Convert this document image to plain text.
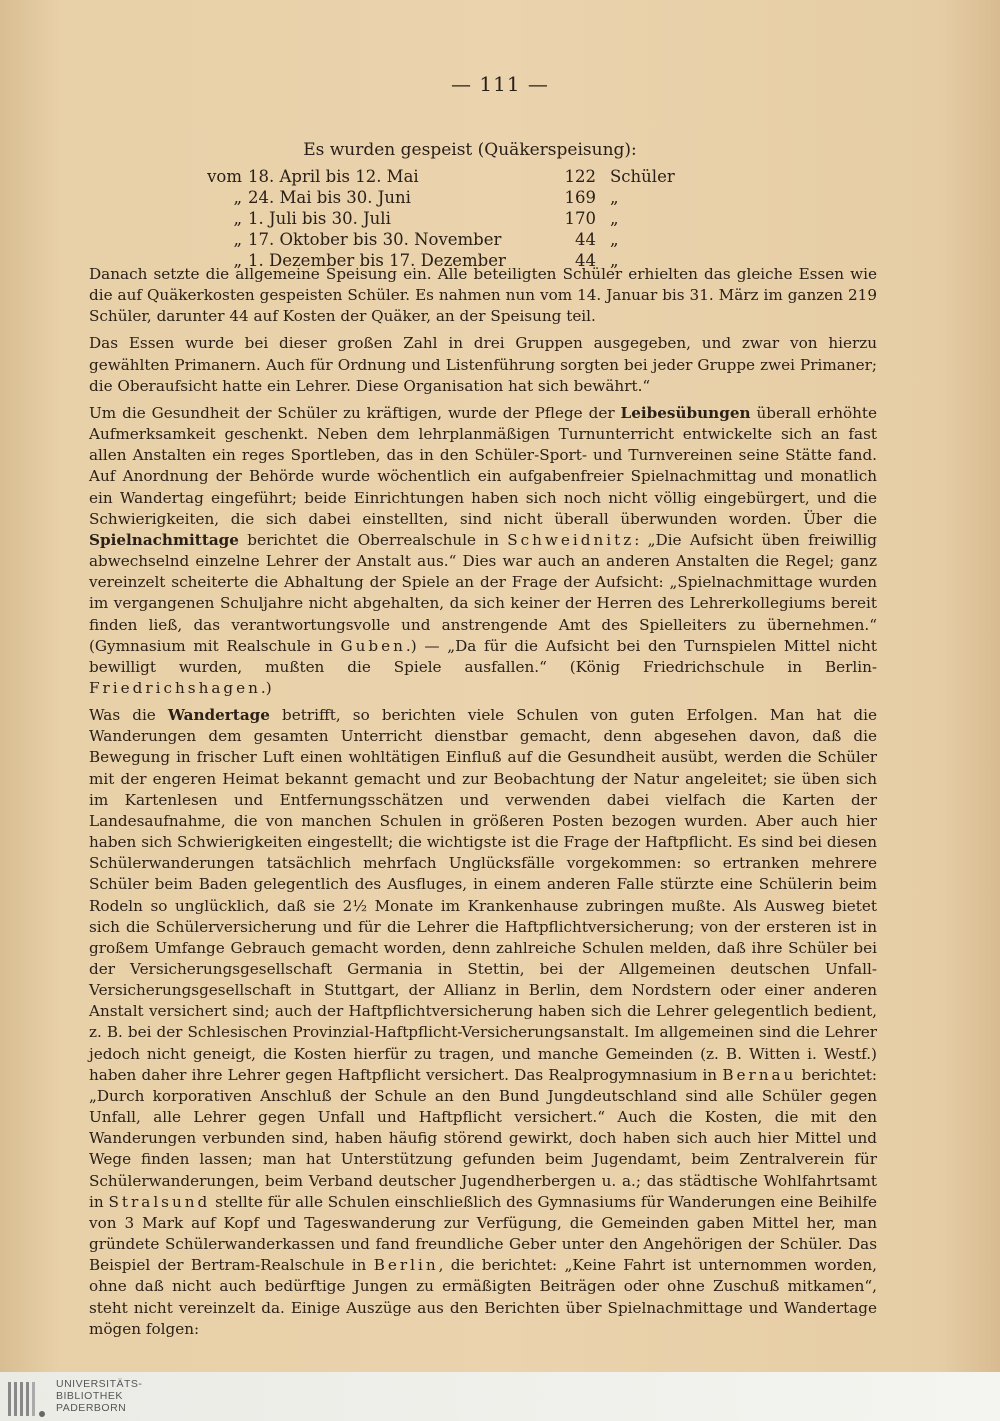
— 111 —
Es wurden gespeist (Quäkerspeisung):
vom 18. April bis 12. Mai	122 Schüler
„ 24. Mai bis 30. Juni	169 „
„ 1. Juli bis 30. Juli	170 „
„ 17. Oktober bis 30. November	44 „
„ 1. Dezember bis 17. Dezember	44 „

Danach setzte die allgemeine Speisung ein. Alle beteiligten Schüler erhielten das gleiche Essen wie die auf Quäkerkosten gespeisten Schüler. Es nahmen nun vom 14. Januar bis 31. März im ganzen 219 Schüler, darunter 44 auf Kosten der Quäker, an der Speisung teil.

Das Essen wurde bei dieser großen Zahl in drei Gruppen ausgegeben, und zwar von hierzu gewählten Primanern. Auch für Ordnung und Listenführung sorgten bei jeder Gruppe zwei Primaner; die Oberaufsicht hatte ein Lehrer. Diese Organisation hat sich bewährt.“

Um die Gesundheit der Schüler zu kräftigen, wurde der Pflege der Leibesübungen überall erhöhte Aufmerksamkeit geschenkt. Neben dem lehrplanmäßigen Turnunterricht entwickelte sich an fast allen Anstalten ein reges Sportleben, das in den Schüler-Sport- und Turnvereinen seine Stätte fand. Auf Anordnung der Behörde wurde wöchentlich ein aufgabenfreier Spielnachmittag und monatlich ein Wandertag eingeführt; beide Einrichtungen haben sich noch nicht völlig eingebürgert, und die Schwierigkeiten, die sich dabei einstellten, sind nicht überall überwunden worden. Über die Spielnachmittage berichtet die Oberrealschule in Schweidnitz: „Die Aufsicht üben freiwillig abwechselnd einzelne Lehrer der Anstalt aus.“ Dies war auch an anderen Anstalten die Regel; ganz vereinzelt scheiterte die Abhaltung der Spiele an der Frage der Aufsicht: „Spielnachmittage wurden im vergangenen Schuljahre nicht abgehalten, da sich keiner der Herren des Lehrerkollegiums bereit finden ließ, das verantwortungsvolle und anstrengende Amt des Spielleiters zu übernehmen.“ (Gymnasium mit Realschule in Guben.) — „Da für die Aufsicht bei den Turnspielen Mittel nicht bewilligt wurden, mußten die Spiele ausfallen.“ (König Friedrichschule in Berlin-Friedrichshagen.)

Was die Wandertage betrifft, so berichten viele Schulen von guten Erfolgen. Man hat die Wanderungen dem gesamten Unterricht dienstbar gemacht, denn abgesehen davon, daß die Bewegung in frischer Luft einen wohltätigen Einfluß auf die Gesundheit ausübt, werden die Schüler mit der engeren Heimat bekannt gemacht und zur Beobachtung der Natur angeleitet; sie üben sich im Kartenlesen und Entfernungsschätzen und verwenden dabei vielfach die Karten der Landesaufnahme, die von manchen Schulen in größeren Posten bezogen wurden. Aber auch hier haben sich Schwierigkeiten eingestellt; die wichtigste ist die Frage der Haftpflicht. Es sind bei diesen Schülerwanderungen tatsächlich mehrfach Unglücksfälle vorgekommen: so ertranken mehrere Schüler beim Baden gelegentlich des Ausfluges, in einem anderen Falle stürzte eine Schülerin beim Rodeln so unglücklich, daß sie 2½ Monate im Krankenhause zubringen mußte. Als Ausweg bietet sich die Schülerversicherung und für die Lehrer die Haftpflichtversicherung; von der ersteren ist in großem Umfange Gebrauch gemacht worden, denn zahlreiche Schulen melden, daß ihre Schüler bei der Versicherungsgesellschaft Germania in Stettin, bei der Allgemeinen deutschen Unfall-Versicherungsgesellschaft in Stuttgart, der Allianz in Berlin, dem Nordstern oder einer anderen Anstalt versichert sind; auch der Haftpflichtversicherung haben sich die Lehrer gelegentlich bedient, z. B. bei der Schlesischen Provinzial-Haftpflicht-Versicherungsanstalt. Im allgemeinen sind die Lehrer jedoch nicht geneigt, die Kosten hierfür zu tragen, und manche Gemeinden (z. B. Witten i. Westf.) haben daher ihre Lehrer gegen Haftpflicht versichert. Das Realprogymnasium in Bernau berichtet: „Durch korporativen Anschluß der Schule an den Bund Jungdeutschland sind alle Schüler gegen Unfall, alle Lehrer gegen Unfall und Haftpflicht versichert.“ Auch die Kosten, die mit den Wanderungen verbunden sind, haben häufig störend gewirkt, doch haben sich auch hier Mittel und Wege finden lassen; man hat Unterstützung gefunden beim Jugendamt, beim Zentralverein für Schülerwanderungen, beim Verband deutscher Jugendherbergen u. a.; das städtische Wohlfahrtsamt in Stralsund stellte für alle Schulen einschließlich des Gymnasiums für Wanderungen eine Beihilfe von 3 Mark auf Kopf und Tageswanderung zur Verfügung, die Gemeinden gaben Mittel her, man gründete Schülerwanderkassen und fand freundliche Geber unter den Angehörigen der Schüler. Das Beispiel der Bertram-Realschule in Berlin, die berichtet: „Keine Fahrt ist unternommen worden, ohne daß nicht auch bedürftige Jungen zu ermäßigten Beiträgen oder ohne Zuschuß mitkamen“, steht nicht vereinzelt da. Einige Auszüge aus den Berichten über Spielnachmittage und Wandertage mögen folgen:

UNIVERSITÄTS-
BIBLIOTHEK
PADERBORN
